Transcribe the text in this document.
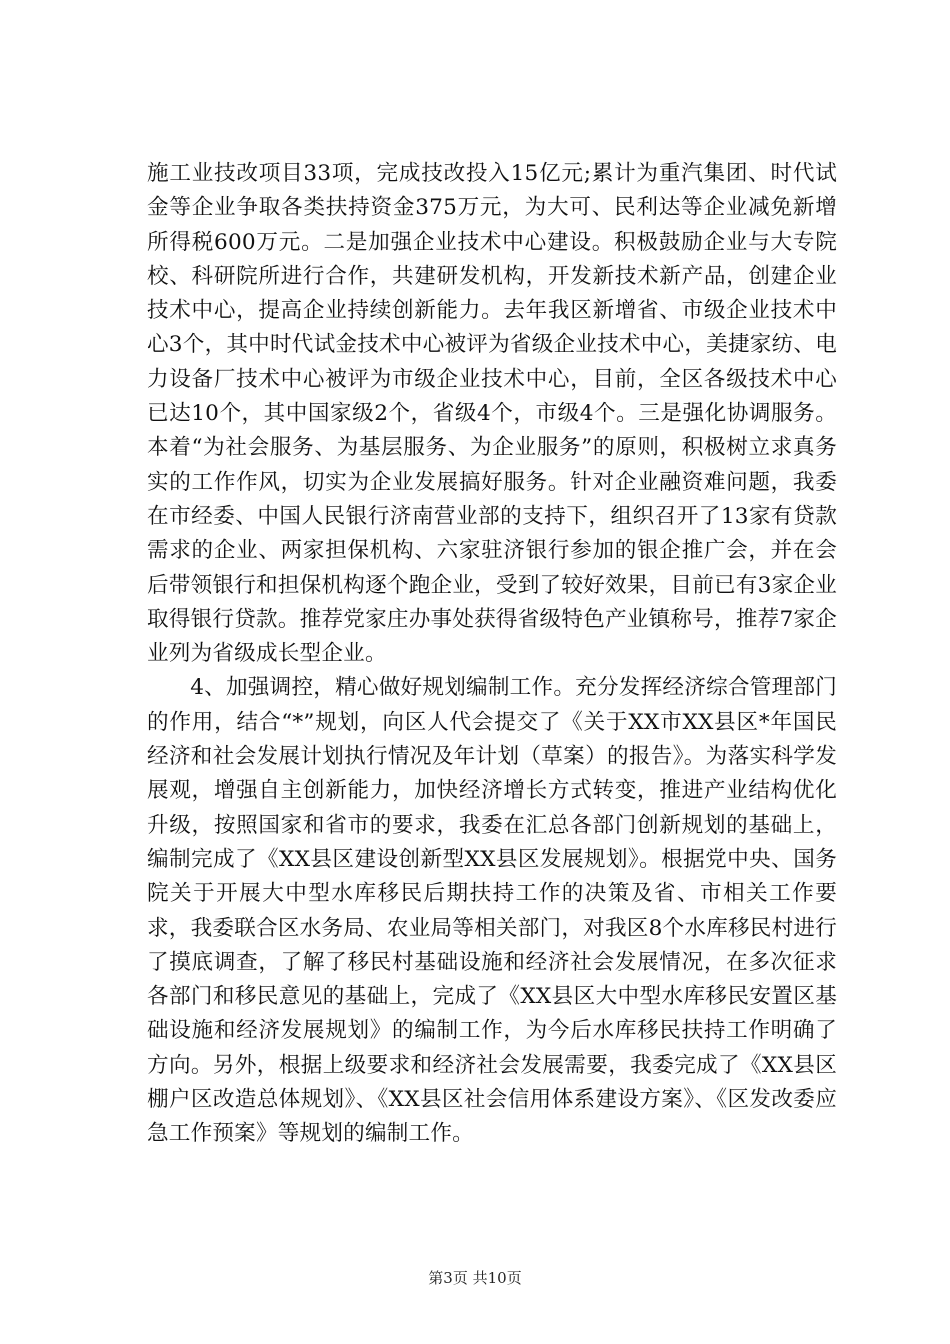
施工业技改项目33项，完成技改投入15亿元;累计为重汽集团、时代试金等企业争取各类扶持资金375万元，为大可、民利达等企业减免新增所得税600万元。二是加强企业技术中心建设。积极鼓励企业与大专院校、科研院所进行合作，共建研发机构，开发新技术新产品，创建企业技术中心，提高企业持续创新能力。去年我区新增省、市级企业技术中心3个，其中时代试金技术中心被评为省级企业技术中心，美捷家纺、电力设备厂技术中心被评为市级企业技术中心，目前，全区各级技术中心已达10个，其中国家级2个，省级4个，市级4个。三是强化协调服务。本着“为社会服务、为基层服务、为企业服务”的原则，积极树立求真务实的工作作风，切实为企业发展搞好服务。针对企业融资难问题，我委在市经委、中国人民银行济南营业部的支持下，组织召开了13家有贷款需求的企业、两家担保机构、六家驻济银行参加的银企推广会，并在会后带领银行和担保机构逐个跑企业，受到了较好效果，目前已有3家企业取得银行贷款。推荐党家庄办事处获得省级特色产业镇称号，推荐7家企业列为省级成长型企业。

4、加强调控，精心做好规划编制工作。充分发挥经济综合管理部门的作用，结合“*”规划，向区人代会提交了《关于XX市XX县区*年国民经济和社会发展计划执行情况及年计划（草案）的报告》。为落实科学发展观，增强自主创新能力，加快经济增长方式转变，推进产业结构优化升级，按照国家和省市的要求，我委在汇总各部门创新规划的基础上，编制完成了《XX县区建设创新型XX县区发展规划》。根据党中央、国务院关于开展大中型水库移民后期扶持工作的决策及省、市相关工作要求，我委联合区水务局、农业局等相关部门，对我区8个水库移民村进行了摸底调查，了解了移民村基础设施和经济社会发展情况，在多次征求各部门和移民意见的基础上，完成了《XX县区大中型水库移民安置区基础设施和经济发展规划》的编制工作，为今后水库移民扶持工作明确了方向。另外，根据上级要求和经济社会发展需要，我委完成了《XX县区棚户区改造总体规划》、《XX县区社会信用体系建设方案》、《区发改委应急工作预案》等规划的编制工作。

第3页 共10页
